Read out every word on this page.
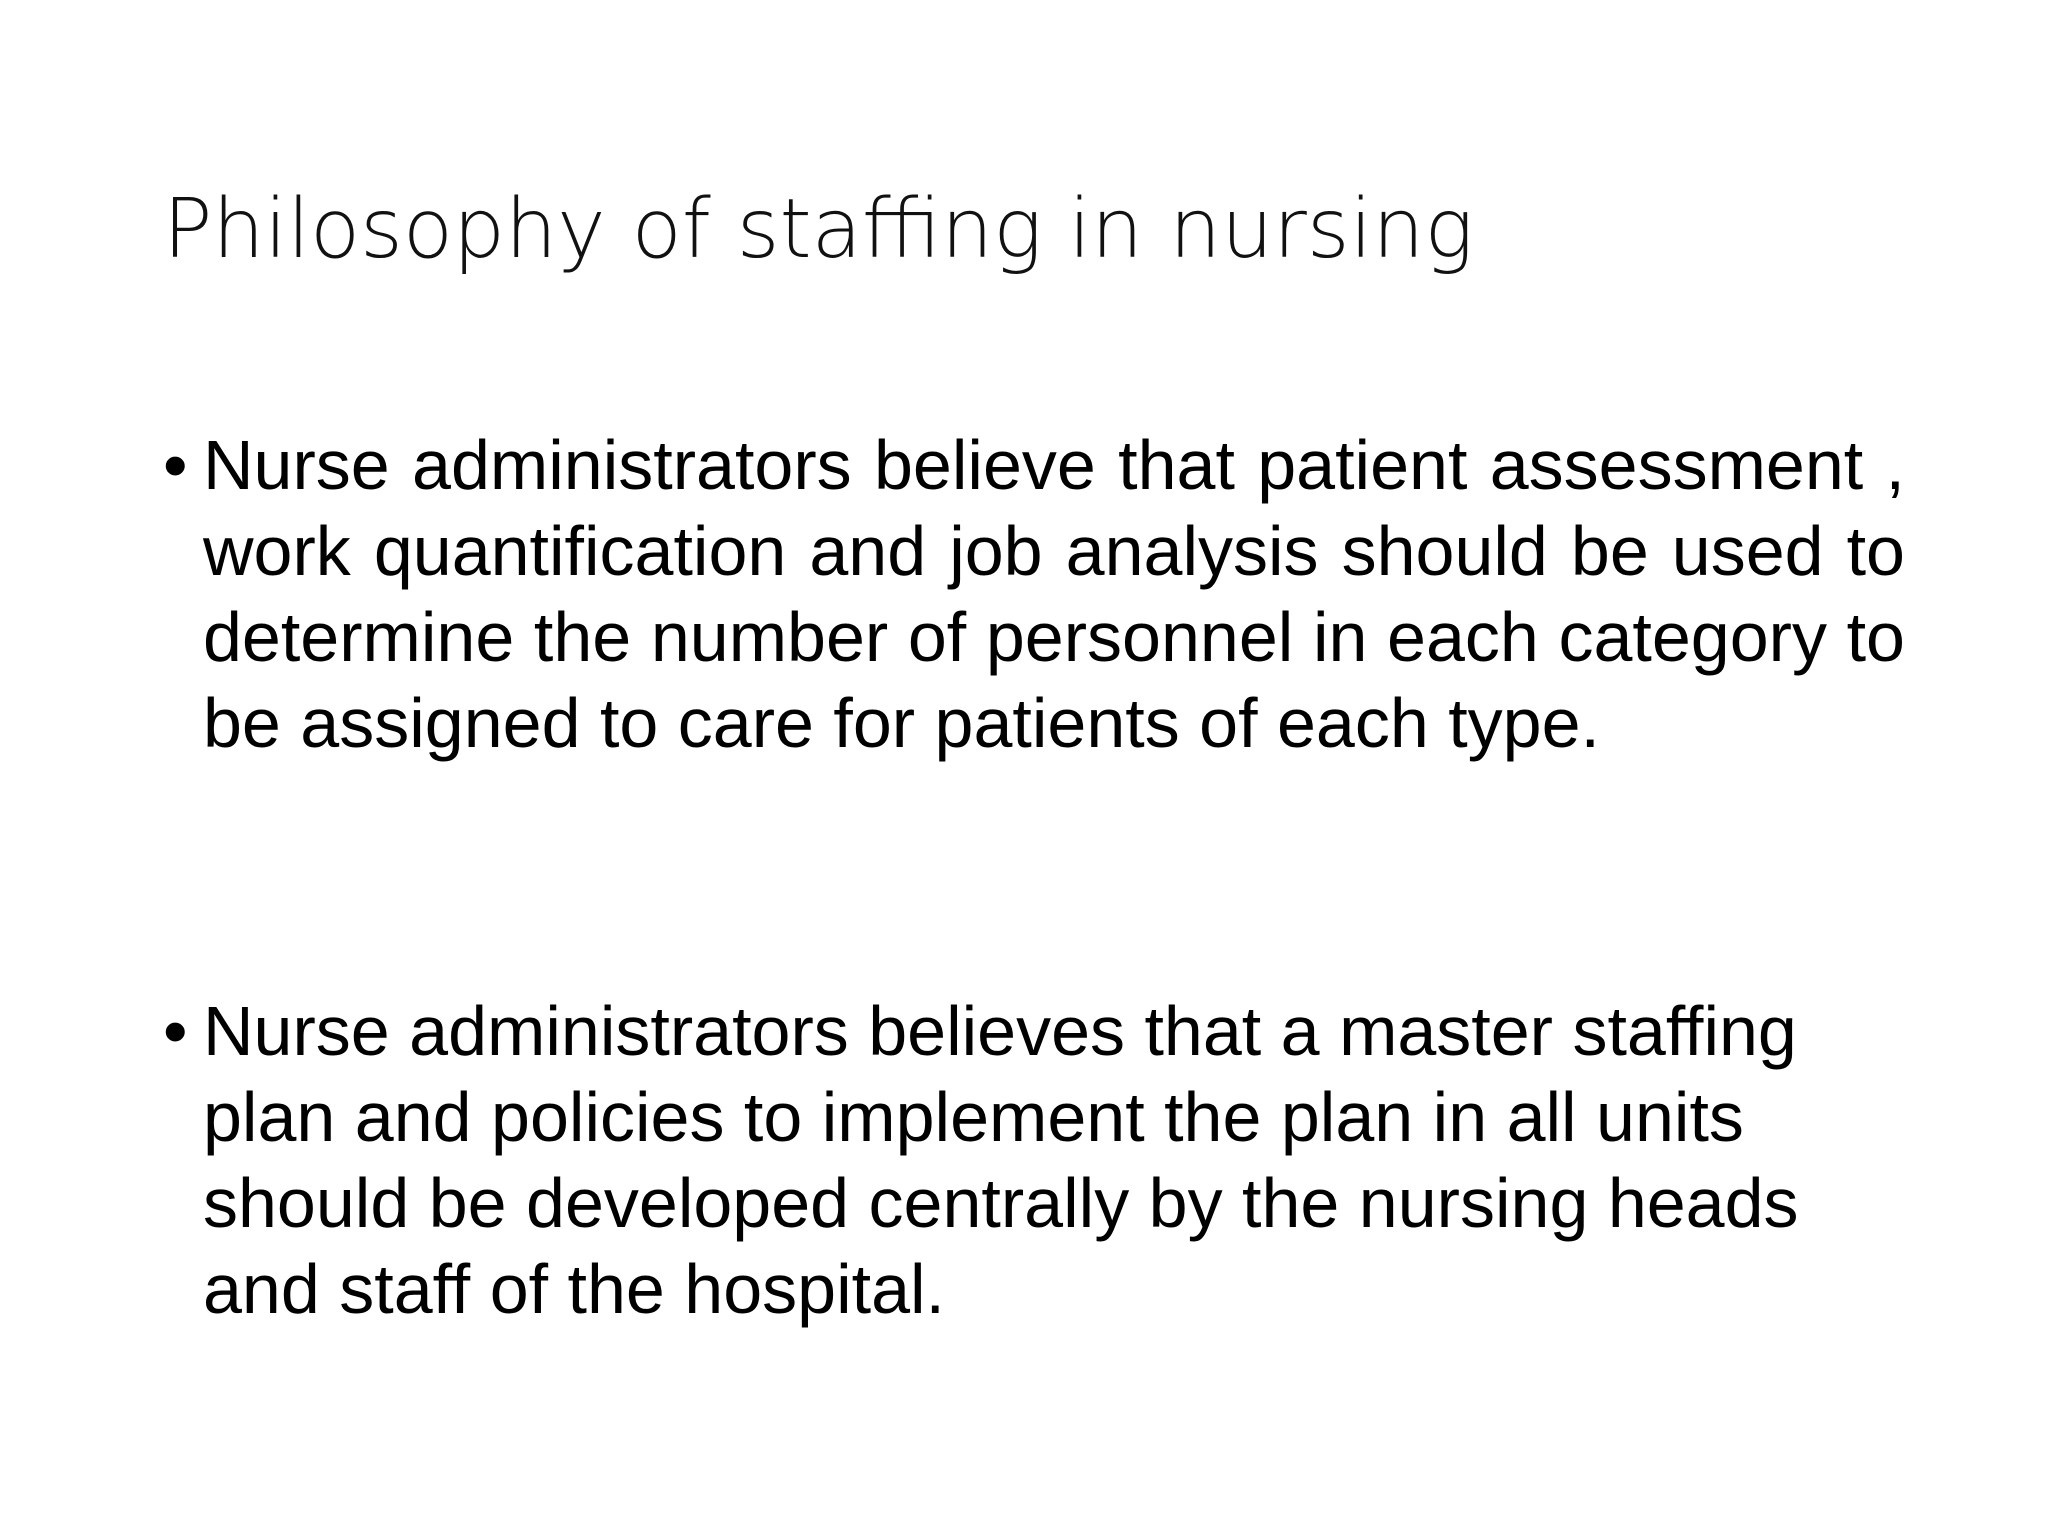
Philosophy of staffing in nursing
• Nurse administrators believe that patient assessment , work quantification and job analysis should be used to determine the number of personnel in each category to be assigned to care for patients of each type.
• Nurse administrators believes that a master staffing plan and policies to implement the plan in all units should be developed centrally by the nursing heads and staff of the hospital.
